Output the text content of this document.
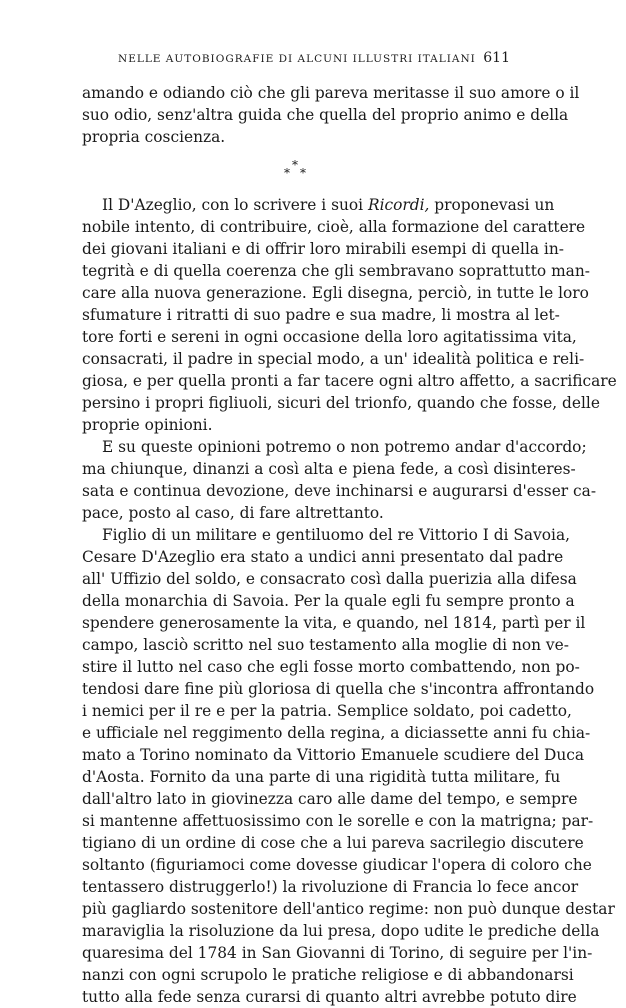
NELLE AUTOBIOGRAFIE DI ALCUNI ILLUSTRI ITALIANI 611
amando e odiando ciò che gli pareva meritasse il suo amore o il
suo odio, senz'altra guida che quella del proprio animo e della
propria coscienza.
*
* *
Il D'Azeglio, con lo scrivere i suoi Ricordi, proponevasi un
nobile intento, di contribuire, cioè, alla formazione del carattere
dei giovani italiani e di offrir loro mirabili esempi di quella in-
tegrità e di quella coerenza che gli sembravano soprattutto man-
care alla nuova generazione. Egli disegna, perciò, in tutte le loro
sfumature i ritratti di suo padre e sua madre, li mostra al let-
tore forti e sereni in ogni occasione della loro agitatissima vita,
consacrati, il padre in special modo, a un' idealità politica e reli-
giosa, e per quella pronti a far tacere ogni altro affetto, a sacrificare
persino i propri figliuoli, sicuri del trionfo, quando che fosse, delle
proprie opinioni.
E su queste opinioni potremo o non potremo andar d'accordo;
ma chiunque, dinanzi a così alta e piena fede, a così disinteres-
sata e continua devozione, deve inchinarsi e augurarsi d'esser ca-
pace, posto al caso, di fare altrettanto.
Figlio di un militare e gentiluomo del re Vittorio I di Savoia,
Cesare D'Azeglio era stato a undici anni presentato dal padre
all' Uffizio del soldo, e consacrato così dalla puerizia alla difesa
della monarchia di Savoia. Per la quale egli fu sempre pronto a
spendere generosamente la vita, e quando, nel 1814, partì per il
campo, lasciò scritto nel suo testamento alla moglie di non ve-
stire il lutto nel caso che egli fosse morto combattendo, non po-
tendosi dare fine più gloriosa di quella che s'incontra affrontando
i nemici per il re e per la patria. Semplice soldato, poi cadetto,
e ufficiale nel reggimento della regina, a diciassette anni fu chia-
mato a Torino nominato da Vittorio Emanuele scudiere del Duca
d'Aosta. Fornito da una parte di una rigidità tutta militare, fu
dall'altro lato in giovinezza caro alle dame del tempo, e sempre
si mantenne affettuosissimo con le sorelle e con la matrigna; par-
tigiano di un ordine di cose che a lui pareva sacrilegio discutere
soltanto (figuriamoci come dovesse giudicar l'opera di coloro che
tentassero distruggerlo!) la rivoluzione di Francia lo fece ancor
più gagliardo sostenitore dell'antico regime: non può dunque destar
maraviglia la risoluzione da lui presa, dopo udite le prediche della
quaresima del 1784 in San Giovanni di Torino, di seguire per l'in-
nanzi con ogni scrupolo le pratiche religiose e di abbandonarsi
tutto alla fede senza curarsi di quanto altri avrebbe potuto dire
